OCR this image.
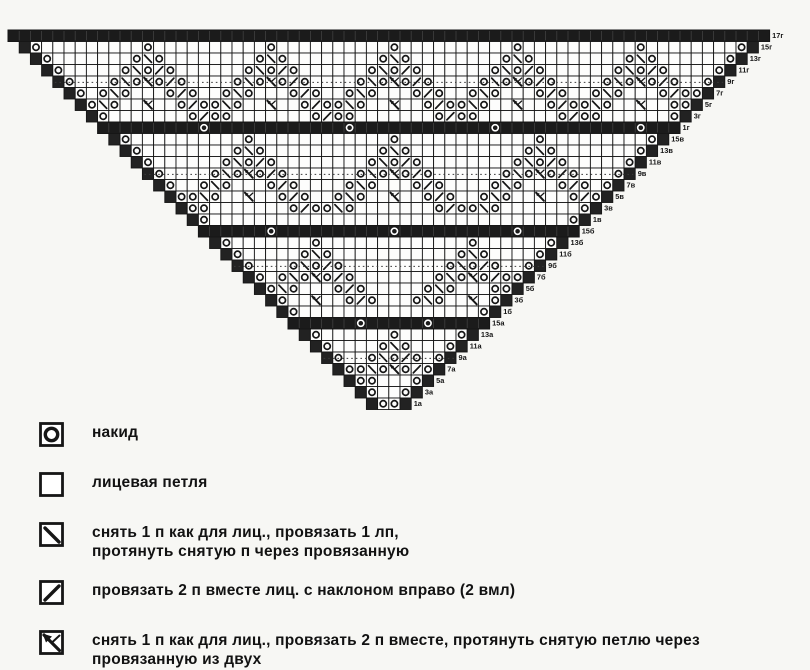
17г
15г
13г
11г
9г
7г
5г
3г
1г
15в
13в
11в
9в
7в
5в
3в
1в
15б
13б
11б
9б
7б
5б
3б
1б
15а
13а
11а
9а
7а
5а
3а
1а
накид
лицевая петля
снять 1 п как для лиц., провязать 1 лп, протянуть снятую п через провязанную
провязать 2 п вместе лиц. с наклоном вправо (2 вмл)
снять 1 п как для лиц., провязать 2 п вместе, протянуть снятую петлю через провязанную из двух
